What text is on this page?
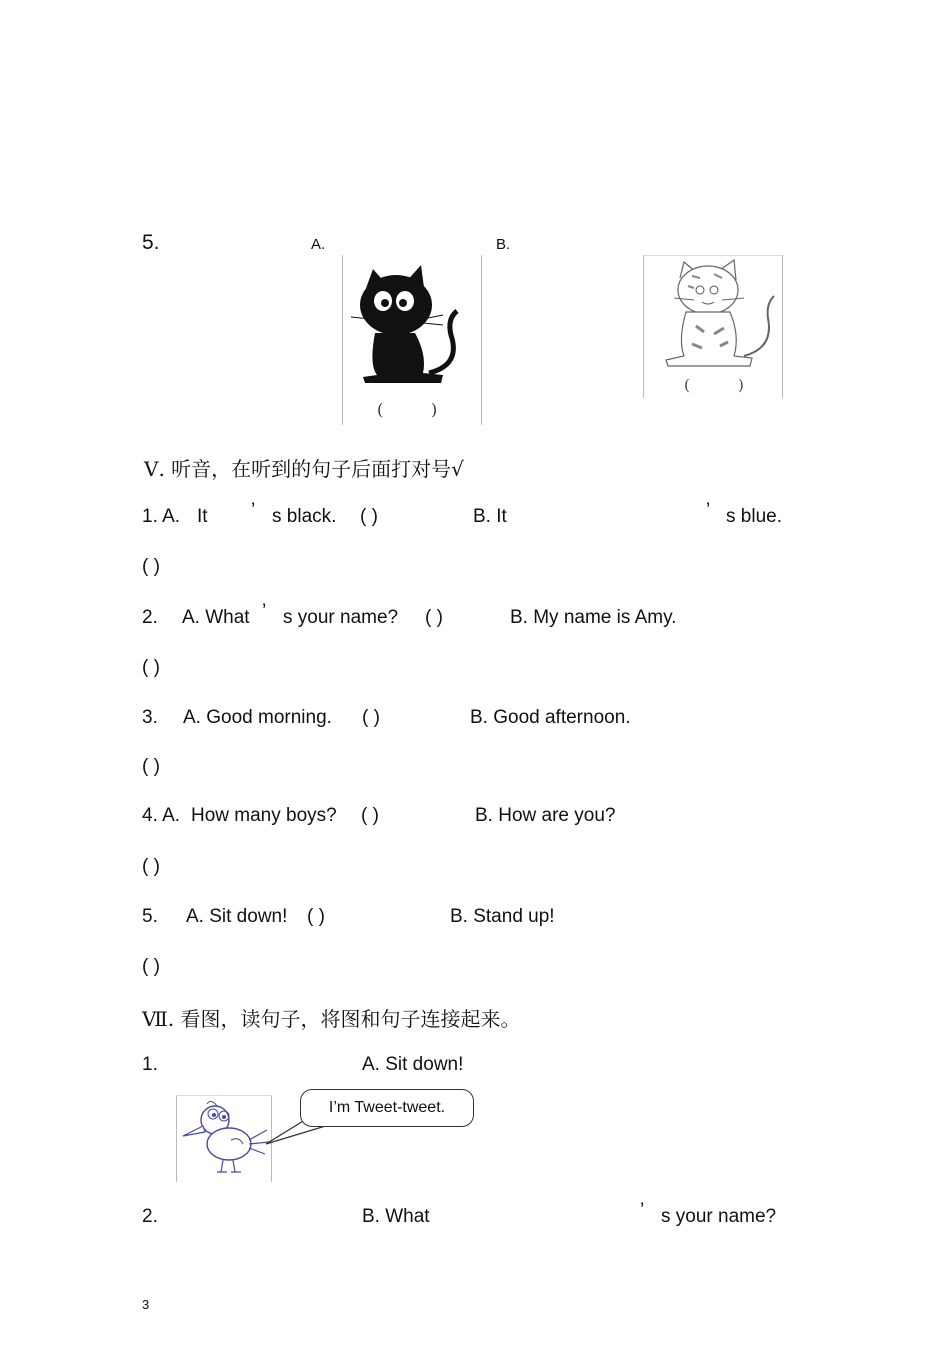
5.	A.	B.
(	)
(	)
Ⅴ. 听音，在听到的句子后面打对号√
1. A. It ’ s black. ( )	B. It	’ s blue.
( )
2. A. What ’ s your name? ( )	B. My name is Amy.
( )
3. A. Good morning. ( )	B. Good afternoon.
( )
4. A. How many boys? ( )	B. How are you?
( )
5. A. Sit down! ( )	B. Stand up!
( )
Ⅶ. 看图，读句子，将图和句子连接起来。
1.	A. Sit down!
I’m Tweet-tweet.
2.	B. What	’ s your name?
3
